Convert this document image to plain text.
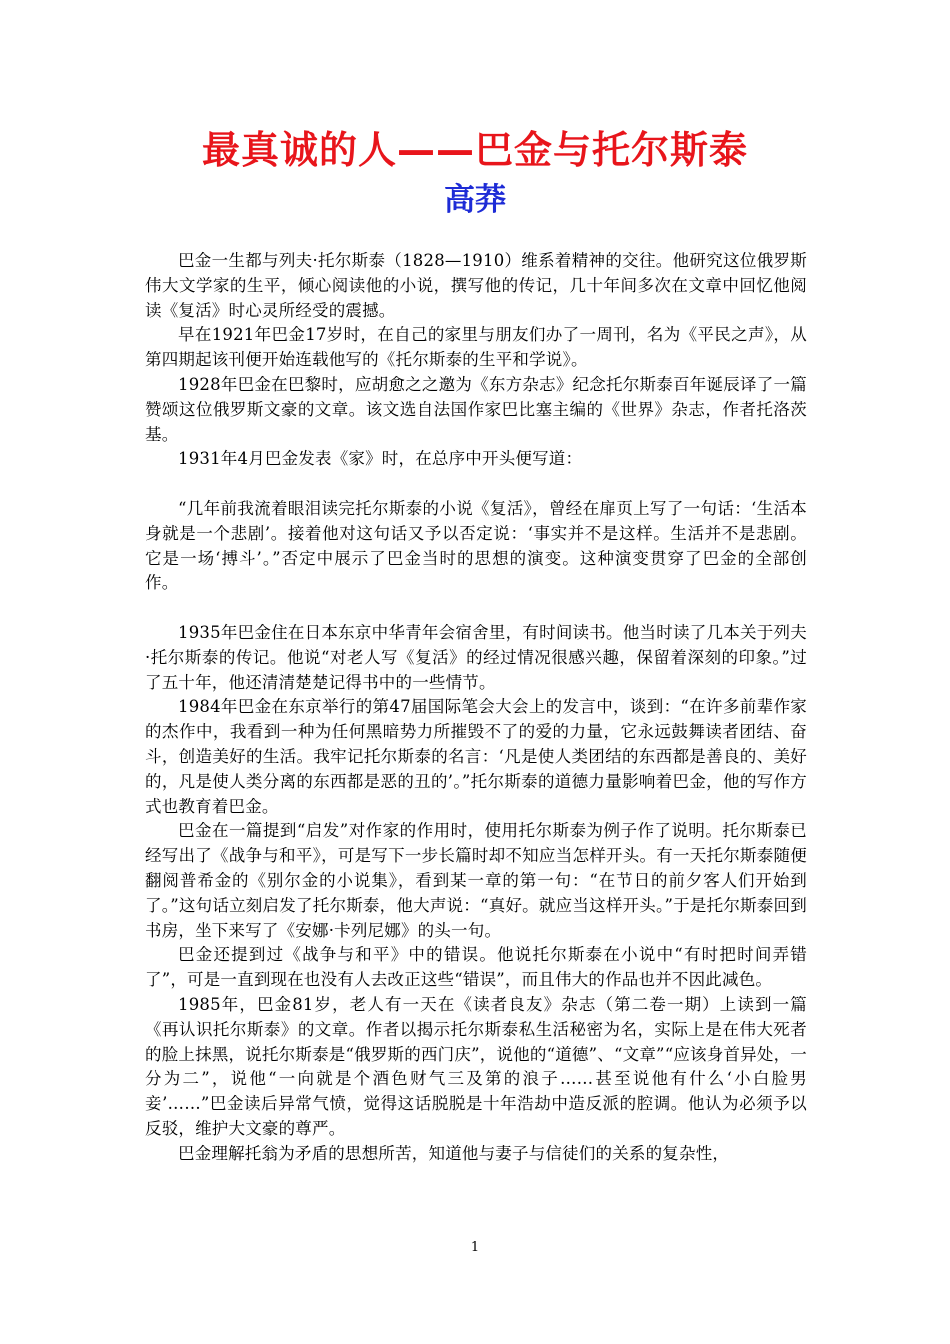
最真诚的人——巴金与托尔斯泰
高莽

巴金一生都与列夫·托尔斯泰（1828—1910）维系着精神的交往。他研究这位俄罗斯伟大文学家的生平，倾心阅读他的小说，撰写他的传记，几十年间多次在文章中回忆他阅读《复活》时心灵所经受的震撼。

早在1921年巴金17岁时，在自己的家里与朋友们办了一周刊，名为《平民之声》，从第四期起该刊便开始连载他写的《托尔斯泰的生平和学说》。

1928年巴金在巴黎时，应胡愈之之邀为《东方杂志》纪念托尔斯泰百年诞辰译了一篇赞颂这位俄罗斯文豪的文章。该文选自法国作家巴比塞主编的《世界》杂志，作者托洛茨基。

1931年4月巴金发表《家》时，在总序中开头便写道：

“几年前我流着眼泪读完托尔斯泰的小说《复活》，曾经在扉页上写了一句话：‘生活本身就是一个悲剧’。接着他对这句话又予以否定说：‘事实并不是这样。生活并不是悲剧。它是一场‘搏斗’。”否定中展示了巴金当时的思想的演变。这种演变贯穿了巴金的全部创作。

1935年巴金住在日本东京中华青年会宿舍里，有时间读书。他当时读了几本关于列夫·托尔斯泰的传记。他说“对老人写《复活》的经过情况很感兴趣，保留着深刻的印象。”过了五十年，他还清清楚楚记得书中的一些情节。

1984年巴金在东京举行的第47届国际笔会大会上的发言中，谈到：“在许多前辈作家的杰作中，我看到一种为任何黑暗势力所摧毁不了的爱的力量，它永远鼓舞读者团结、奋斗，创造美好的生活。我牢记托尔斯泰的名言：‘凡是使人类团结的东西都是善良的、美好的，凡是使人类分离的东西都是恶的丑的’。”托尔斯泰的道德力量影响着巴金，他的写作方式也教育着巴金。

巴金在一篇提到“启发”对作家的作用时，使用托尔斯泰为例子作了说明。托尔斯泰已经写出了《战争与和平》，可是写下一步长篇时却不知应当怎样开头。有一天托尔斯泰随便翻阅普希金的《别尔金的小说集》，看到某一章的第一句：“在节日的前夕客人们开始到了。”这句话立刻启发了托尔斯泰，他大声说：“真好。就应当这样开头。”于是托尔斯泰回到书房，坐下来写了《安娜·卡列尼娜》的头一句。

巴金还提到过《战争与和平》中的错误。他说托尔斯泰在小说中“有时把时间弄错了”，可是一直到现在也没有人去改正这些“错误”，而且伟大的作品也并不因此减色。

1985年，巴金81岁，老人有一天在《读者良友》杂志（第二卷一期）上读到一篇《再认识托尔斯泰》的文章。作者以揭示托尔斯泰私生活秘密为名，实际上是在伟大死者的脸上抹黑，说托尔斯泰是“俄罗斯的西门庆”，说他的“道德”、“文章”“应该身首异处，一分为二”，说他“一向就是个酒色财气三及第的浪子……甚至说他有什么‘小白脸男妾’……”巴金读后异常气愤，觉得这话脱脱是十年浩劫中造反派的腔调。他认为必须予以反驳，维护大文豪的尊严。

巴金理解托翁为矛盾的思想所苦，知道他与妻子与信徒们的关系的复杂性，

1
